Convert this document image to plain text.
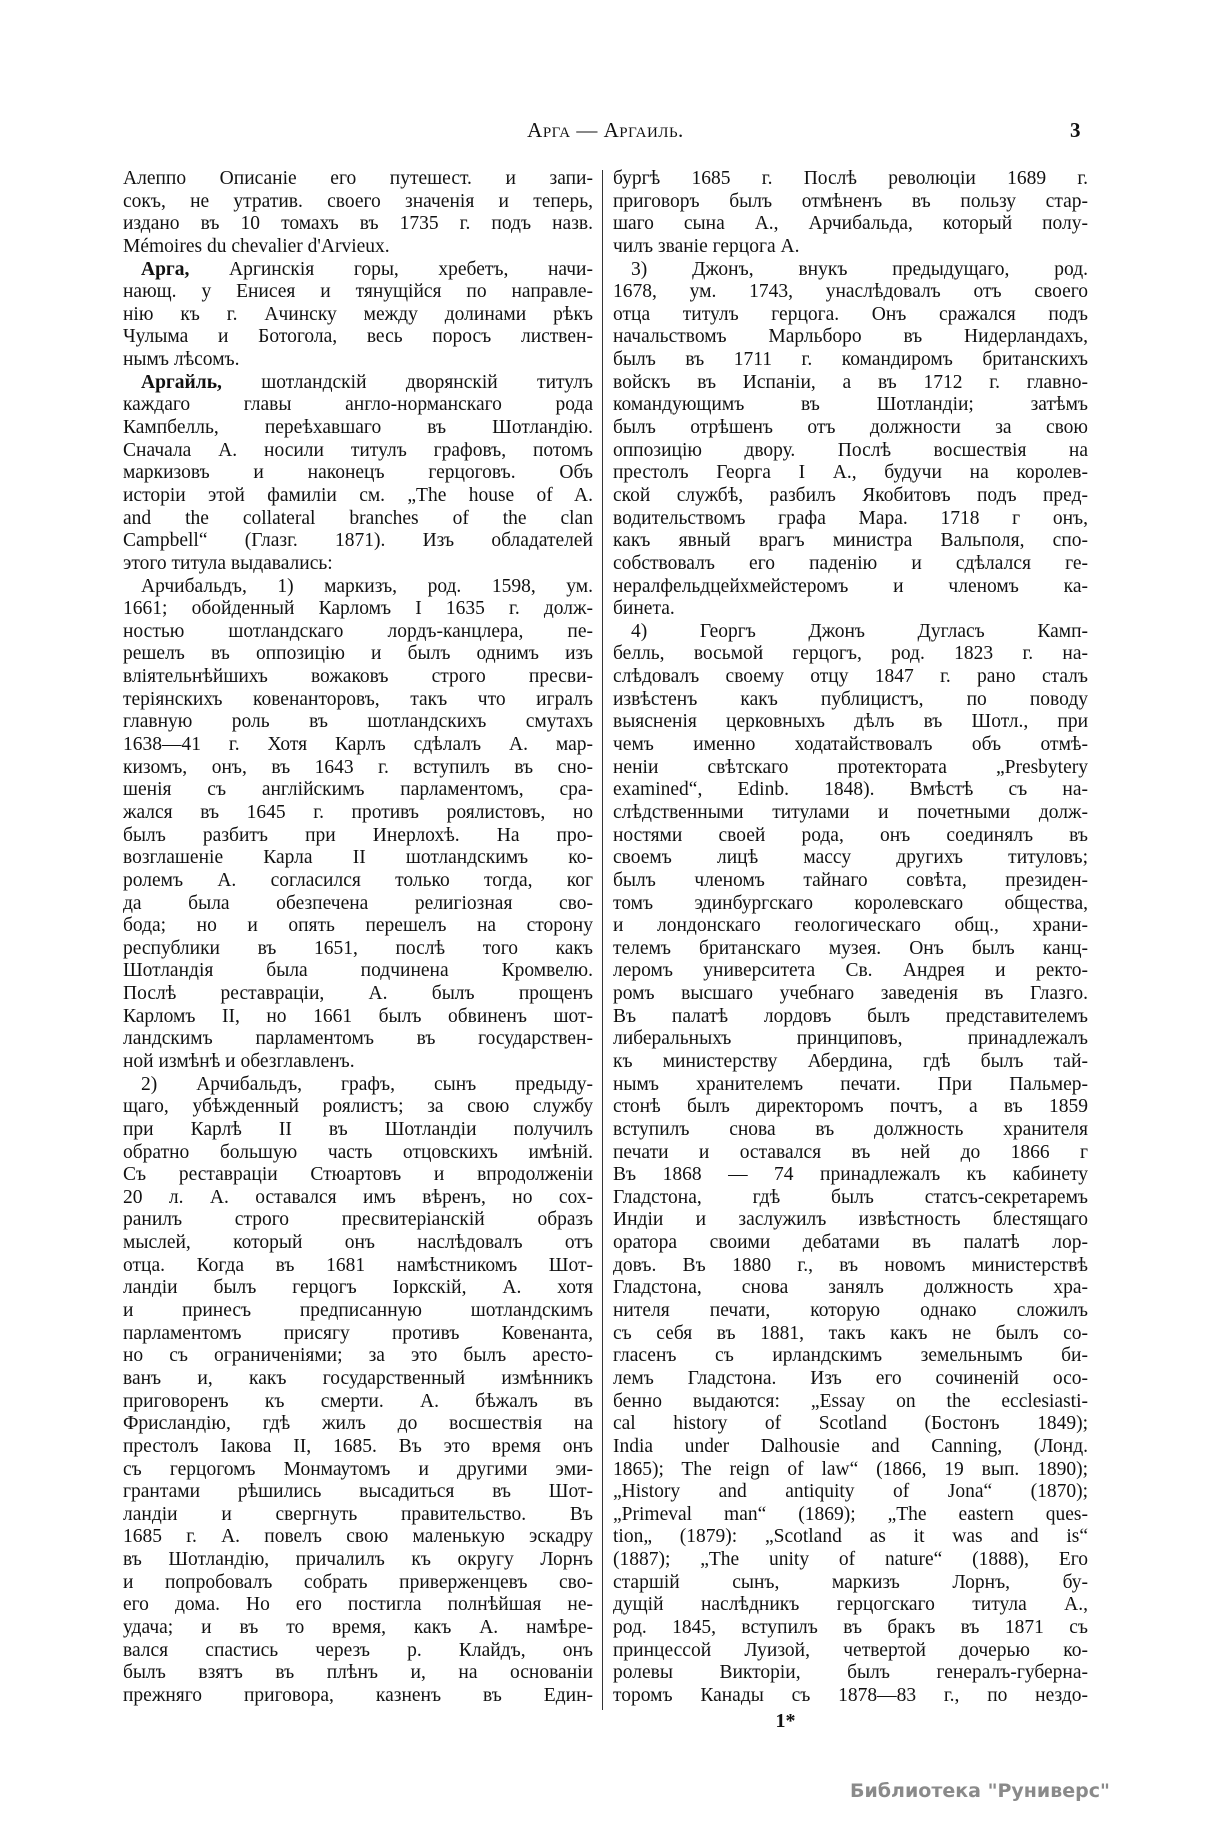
Арга — Аргаиль.	3
Алеппо Описаніе его путешест. и запи-
сокъ, не утратив. своего значенія и теперь,
издано въ 10 томахъ въ 1735 г. подъ назв.
Mémoires du chevalier d'Arvieux.
Арга, Аргинскія горы, хребетъ, начи-
нающ. у Енисея и тянущійся по направле-
нію къ г. Ачинску между долинами рѣкъ
Чулыма и Ботогола, весь поросъ листвен-
нымъ лѣсомъ.
Аргайль, шотландскій дворянскій титулъ
каждаго главы англо-норманскаго рода
Кампбелль, переѣхавшаго въ Шотландію.
Сначала А. носили титулъ графовъ, потомъ
маркизовъ и наконецъ герцоговъ. Объ
исторіи этой фамиліи см. „The house of A.
and the collateral branches of the clan
Campbell“ (Глазг. 1871). Изъ обладателей
этого титула выдавались:
Арчибальдъ, 1) маркизъ, род. 1598, ум.
1661; обойденный Карломъ I 1635 г. долж-
ностью шотландскаго лордъ-канцлера, пе-
решелъ въ оппозицію и былъ однимъ изъ
вліятельнѣйшихъ вожаковъ строго пресви-
теріянскихъ ковенанторовъ, такъ что игралъ
главную роль въ шотландскихъ смутахъ
1638—41 г. Хотя Карлъ сдѣлалъ А. мар-
кизомъ, онъ, въ 1643 г. вступилъ въ сно-
шенія съ англійскимъ парламентомъ, сра-
жался въ 1645 г. противъ роялистовъ, но
былъ разбитъ при Инерлохѣ. На про-
возглашеніе Карла II шотландскимъ ко-
ролемъ А. согласился только тогда, ког
да была обезпечена религіозная сво-
бода; но и опять перешелъ на сторону
республики въ 1651, послѣ того какъ
Шотландія была подчинена Кромвелю.
Послѣ реставраціи, А. былъ прощенъ
Карломъ II, но 1661 былъ обвиненъ шот-
ландскимъ парламентомъ въ государствен-
ной измѣнѣ и обезглавленъ.
2) Арчибальдъ, графъ, сынъ предыду-
щаго, убѣжденный роялистъ; за свою службу
при Карлѣ II въ Шотландіи получилъ
обратно большую часть отцовскихъ имѣній.
Съ реставраціи Стюартовъ и впродолженіи
20 л. А. оставался имъ вѣренъ, но сох-
ранилъ строго пресвитеріанскій образъ
мыслей, который онъ наслѣдовалъ отъ
отца. Когда въ 1681 намѣстникомъ Шот-
ландіи былъ герцогъ Іоркскій, А. хотя
и принесъ предписанную шотландскимъ
парламентомъ присягу противъ Ковенанта,
но съ ограниченіями; за это былъ аресто-
ванъ и, какъ государственный измѣнникъ
приговоренъ къ смерти. А. бѣжалъ въ
Фрисландію, гдѣ жилъ до восшествія на
престолъ Іакова II, 1685. Въ это время онъ
съ герцогомъ Монмаутомъ и другими эми-
грантами рѣшились высадиться въ Шот-
ландіи и свергнуть правительство. Въ
1685 г. А. повелъ свою маленькую эскадру
въ Шотландію, причалилъ къ округу Лорнъ
и попробовалъ собрать приверженцевъ сво-
его дома. Но его постигла полнѣйшая не-
удача; и въ то время, какъ А. намѣре-
вался спастись черезъ р. Клайдъ, онъ
былъ взятъ въ плѣнъ и, на основаніи
прежняго приговора, казненъ въ Един-
бургѣ 1685 г. Послѣ революціи 1689 г.
приговоръ былъ отмѣненъ въ пользу стар-
шаго сына А., Арчибальда, который полу-
чилъ званіе герцога А.
3) Джонъ, внукъ предыдущаго, род.
1678, ум. 1743, унаслѣдовалъ отъ своего
отца титулъ герцога. Онъ сражался подъ
начальствомъ Марльборо въ Нидерландахъ,
былъ въ 1711 г. командиромъ британскихъ
войскъ въ Испаніи, а въ 1712 г. главно-
командующимъ въ Шотландіи; затѣмъ
былъ отрѣшенъ отъ должности за свою
оппозицію двору. Послѣ восшествія на
престолъ Георга I А., будучи на королев-
ской службѣ, разбилъ Якобитовъ подъ пред-
водительствомъ графа Мара. 1718 г онъ,
какъ явный врагъ министра Вальполя, спо-
собствовалъ его паденію и сдѣлался ге-
нералфельдцейхмейстеромъ и членомъ ка-
бинета.
4) Георгъ Джонъ Дугласъ Камп-
белль, восьмой герцогъ, род. 1823 г. на-
слѣдовалъ своему отцу 1847 г. рано сталъ
извѣстенъ какъ публицистъ, по поводу
выясненія церковныхъ дѣлъ въ Шотл., при
чемъ именно ходатайствовалъ объ отмѣ-
неніи свѣтскаго протектората „Presbytery
examined“, Edinb. 1848). Вмѣстѣ съ на-
слѣдственными титулами и почетными долж-
ностями своей рода, онъ соединялъ въ
своемъ лицѣ массу другихъ титуловъ;
былъ членомъ тайнаго совѣта, президен-
томъ эдинбургскаго королевскаго общества,
и лондонскаго геологическаго общ., храни-
телемъ британскаго музея. Онъ былъ канц-
леромъ университета Св. Андрея и ректо-
ромъ высшаго учебнаго заведенія въ Глазго.
Въ палатѣ лордовъ былъ представителемъ
либеральныхъ принциповъ, принадлежалъ
къ министерству Абердина, гдѣ былъ тай-
нымъ хранителемъ печати. При Пальмер-
стонѣ былъ директоромъ почтъ, а въ 1859
вступилъ снова въ должность хранителя
печати и оставался въ ней до 1866 г
Въ 1868 — 74 принадлежалъ къ кабинету
Гладстона, гдѣ былъ статсъ-секретаремъ
Индіи и заслужилъ извѣстность блестящаго
оратора своими дебатами въ палатѣ лор-
довъ. Въ 1880 г., въ новомъ министерствѣ
Гладстона, снова занялъ должность хра-
нителя печати, которую однако сложилъ
съ себя въ 1881, такъ какъ не былъ со-
гласенъ съ ирландскимъ земельнымъ би-
лемъ Гладстона. Изъ его сочиненій осо-
бенно выдаются: „Essay on the ecclesiasti-
cal history of Scotland (Бостонъ 1849);
India under Dalhousie and Canning, (Лонд.
1865); The reign of law“ (1866, 19 вып. 1890);
„History and antiquity of Jona“ (1870);
„Primeval man“ (1869); „The eastern ques-
tion„ (1879): „Scotland as it was and is“
(1887); „The unity of nature“ (1888), Его
старшій сынъ, маркизъ Лорнъ, бу-
дущій наслѣдникъ герцогскаго титула А.,
род. 1845, вступилъ въ бракъ въ 1871 съ
принцессой Луизой, четвертой дочерью ко-
ролевы Викторіи, былъ генералъ-губерна-
торомъ Канады съ 1878—83 г., по нездо-
1*
Библиотека "Руниверс"
